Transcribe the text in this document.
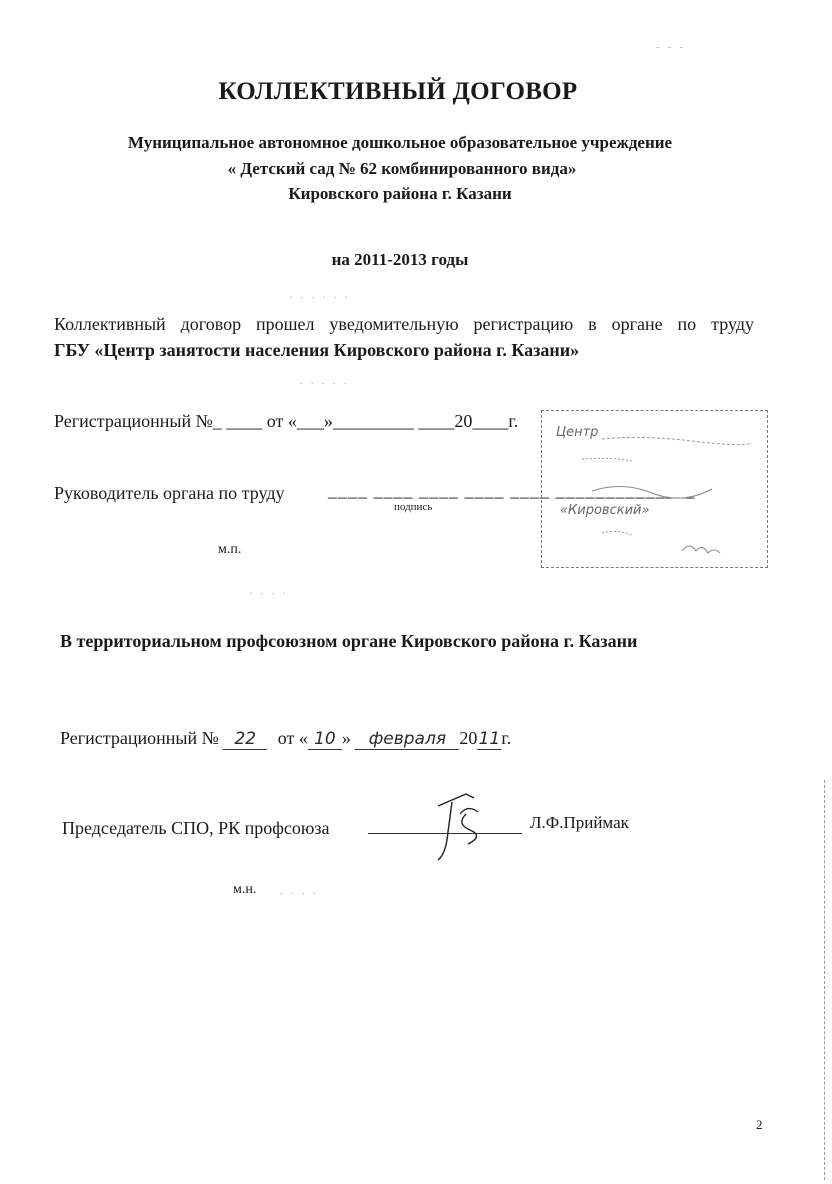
КОЛЛЕКТИВНЫЙ ДОГОВОР
Муниципальное автономное дошкольное образовательное учреждение
« Детский сад № 62 комбинированного вида»
Кировского района г. Казани
на 2011-2013 годы
Коллективный договор прошел уведомительную регистрацию в органе по труду
ГБУ «Центр занятости населения Кировского района г. Казани»
Регистрационный №_ ____ от «___»_________ ____20____г.
Руководитель органа по труду ____ ____ ____ ____ ____ ______________
подпись
м.п.
Центр
«Кировский»
В территориальном профсоюзном органе Кировского района г. Казани
Регистрационный № 22 от « 10 » февраля 2011г.
Председатель СПО, РК профсоюза	Л.Ф.Приймак
м.н.
- - -
. . . . . .
. . . . .
. . . .
. . . .
2
